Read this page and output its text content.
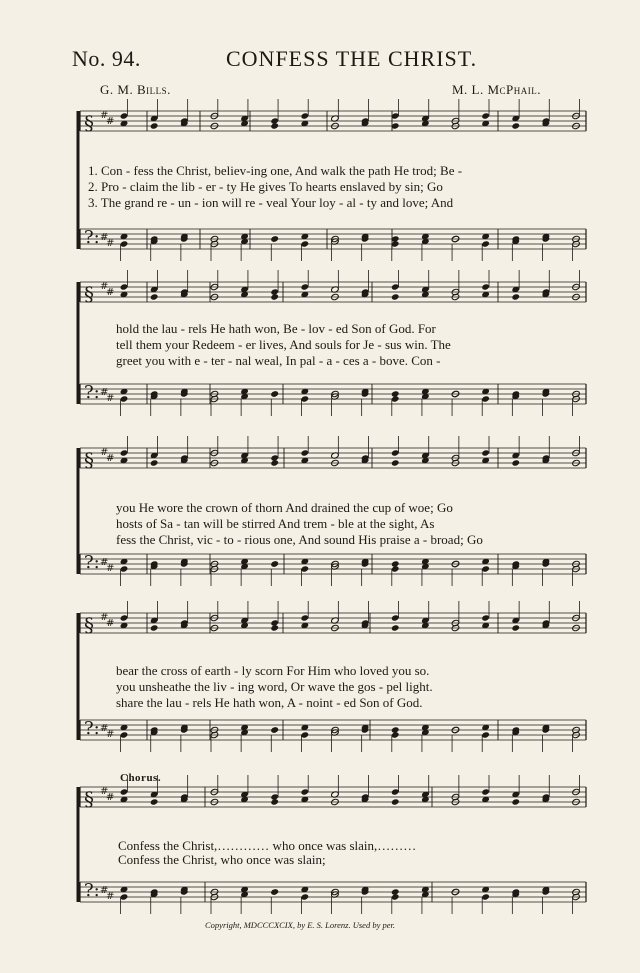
No. 94.	CONFESS THE CHRIST.
G. M. Bills.	M. L. McPhail.
§
?:
#
#
#
#
§
?:
#
#
#
#
§
?:
#
#
#
#
§
?:
#
#
#
#
§
?:
#
#
#
#
1. Con - fess the Christ, believ-ing one, And walk the path He trod; Be -
2. Pro - claim the lib - er - ty He gives To hearts enslaved by sin; Go
3. The grand re - un - ion will re - veal Your loy - al - ty and love; And
hold the lau - rels He hath won, Be - lov - ed Son of God. For
tell them your Redeem - er lives, And souls for Je - sus win. The
greet you with e - ter - nal weal, In pal - a - ces a - bove. Con -
you He wore the crown of thorn And drained the cup of woe; Go
hosts of Sa - tan will be stirred And trem - ble at the sight, As
fess the Christ, vic - to - rious one, And sound His praise a - broad; Go
bear the cross of earth - ly scorn For Him who loved you so.
you unsheathe the liv - ing word, Or wave the gos - pel light.
share the lau - rels He hath won, A - noint - ed Son of God.
Chorus.
Confess the Christ,………… who once was slain,………
Confess the Christ, who once was slain;
Copyright, MDCCCXCIX, by E. S. Lorenz. Used by per.
